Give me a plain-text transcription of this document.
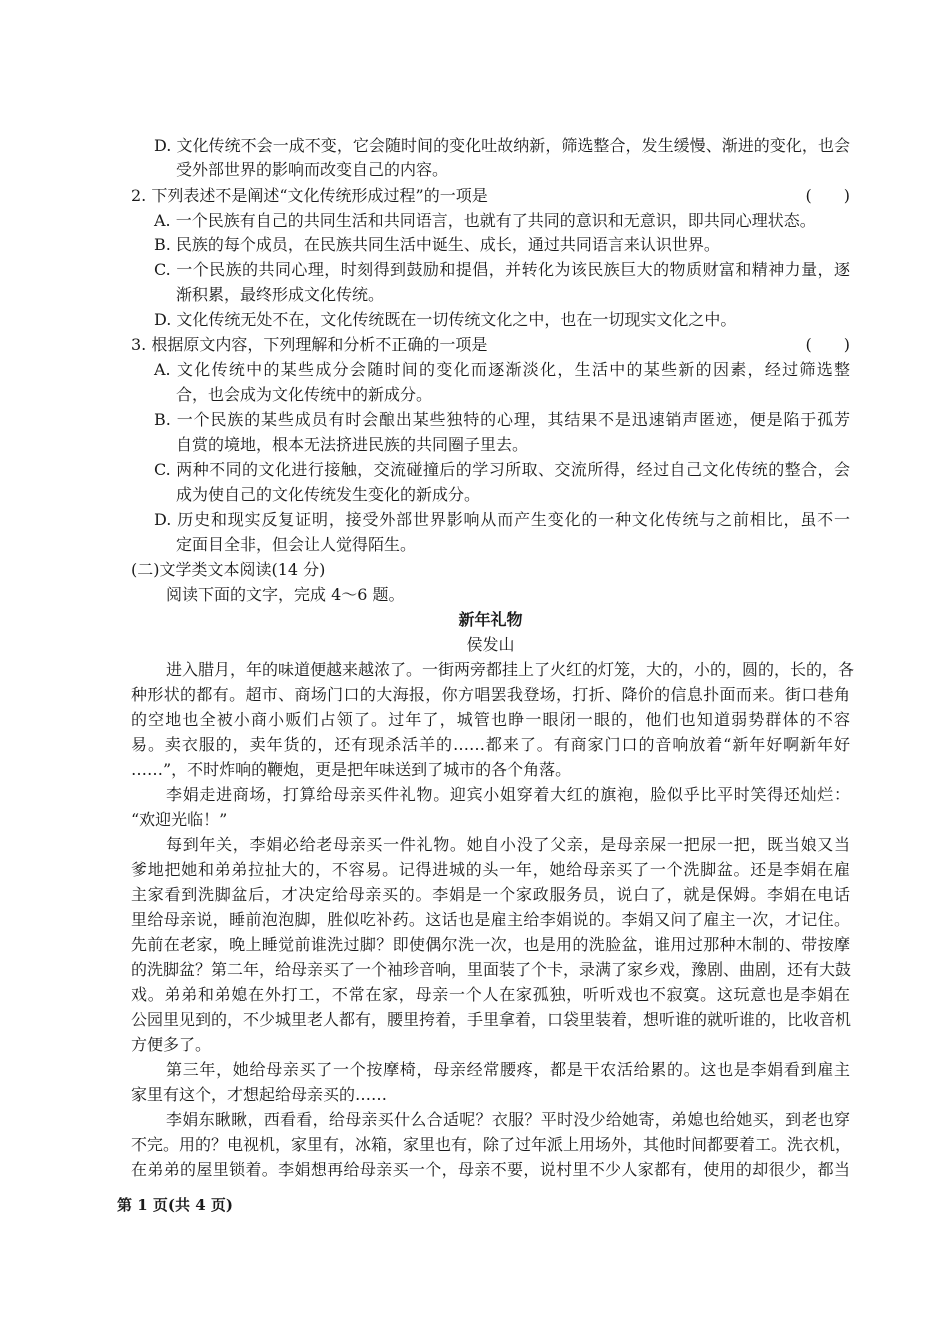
D. 文化传统不会一成不变，它会随时间的变化吐故纳新，筛选整合，发生缓慢、渐进的变化，也会

受外部世界的影响而改变自己的内容。

2. 下列表述不是阐述“文化传统形成过程”的一项是	(　　)

A. 一个民族有自己的共同生活和共同语言，也就有了共同的意识和无意识，即共同心理状态。

B. 民族的每个成员，在民族共同生活中诞生、成长，通过共同语言来认识世界。

C. 一个民族的共同心理，时刻得到鼓励和提倡，并转化为该民族巨大的物质财富和精神力量，逐

渐积累，最终形成文化传统。

D. 文化传统无处不在，文化传统既在一切传统文化之中，也在一切现实文化之中。

3. 根据原文内容，下列理解和分析不正确的一项是	(　　)

A. 文化传统中的某些成分会随时间的变化而逐渐淡化，生活中的某些新的因素，经过筛选整

合，也会成为文化传统中的新成分。

B. 一个民族的某些成员有时会酿出某些独特的心理，其结果不是迅速销声匿迹，便是陷于孤芳

自赏的境地，根本无法挤进民族的共同圈子里去。

C. 两种不同的文化进行接触，交流碰撞后的学习所取、交流所得，经过自己文化传统的整合，会

成为使自己的文化传统发生变化的新成分。

D. 历史和现实反复证明，接受外部世界影响从而产生变化的一种文化传统与之前相比，虽不一

定面目全非，但会让人觉得陌生。

(二)文学类文本阅读(14 分)

阅读下面的文字，完成 4～6 题。

新年礼物

侯发山

进入腊月，年的味道便越来越浓了。一街两旁都挂上了火红的灯笼，大的，小的，圆的，长的，各

种形状的都有。超市、商场门口的大海报，你方唱罢我登场，打折、降价的信息扑面而来。街口巷角

的空地也全被小商小贩们占领了。过年了，城管也睁一眼闭一眼的，他们也知道弱势群体的不容

易。卖衣服的，卖年货的，还有现杀活羊的……都来了。有商家门口的音响放着“新年好啊新年好

……”，不时炸响的鞭炮，更是把年味送到了城市的各个角落。

李娟走进商场，打算给母亲买件礼物。迎宾小姐穿着大红的旗袍，脸似乎比平时笑得还灿烂：

“欢迎光临！”

每到年关，李娟必给老母亲买一件礼物。她自小没了父亲，是母亲屎一把尿一把，既当娘又当

爹地把她和弟弟拉扯大的，不容易。记得进城的头一年，她给母亲买了一个洗脚盆。还是李娟在雇

主家看到洗脚盆后，才决定给母亲买的。李娟是一个家政服务员，说白了，就是保姆。李娟在电话

里给母亲说，睡前泡泡脚，胜似吃补药。这话也是雇主给李娟说的。李娟又问了雇主一次，才记住。

先前在老家，晚上睡觉前谁洗过脚？即使偶尔洗一次，也是用的洗脸盆，谁用过那种木制的、带按摩

的洗脚盆？第二年，给母亲买了一个袖珍音响，里面装了个卡，录满了家乡戏，豫剧、曲剧，还有大鼓

戏。弟弟和弟媳在外打工，不常在家，母亲一个人在家孤独，听听戏也不寂寞。这玩意也是李娟在

公园里见到的，不少城里老人都有，腰里挎着，手里拿着，口袋里装着，想听谁的就听谁的，比收音机

方便多了。

第三年，她给母亲买了一个按摩椅，母亲经常腰疼，都是干农活给累的。这也是李娟看到雇主

家里有这个，才想起给母亲买的……

李娟东瞅瞅，西看看，给母亲买什么合适呢？衣服？平时没少给她寄，弟媳也给她买，到老也穿

不完。用的？电视机，家里有，冰箱，家里也有，除了过年派上用场外，其他时间都要着工。洗衣机，

在弟弟的屋里锁着。李娟想再给母亲买一个，母亲不要，说村里不少人家都有，使用的却很少，都当

第 1 页(共 4 页)
